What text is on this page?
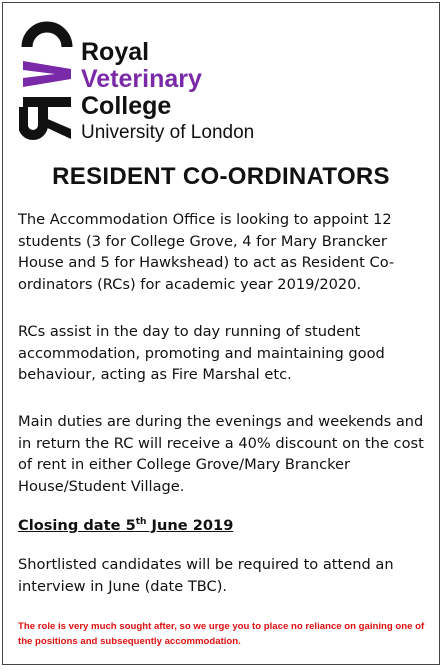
Royal
Veterinary
College
University of London
RESIDENT CO-ORDINATORS
The Accommodation Office is looking to appoint 12 students (3 for College Grove, 4 for Mary Brancker House and 5 for Hawkshead) to act as Resident Co-ordinators (RCs) for academic year 2019/2020.
RCs assist in the day to day running of student accommodation, promoting and maintaining good behaviour, acting as Fire Marshal etc.
Main duties are during the evenings and weekends and in return the RC will receive a 40% discount on the cost of rent in either College Grove/Mary Brancker House/Student Village.
Closing date 5th June 2019
Shortlisted candidates will be required to attend an interview in June (date TBC).
The role is very much sought after, so we urge you to place no reliance on gaining one of the positions and subsequently accommodation.
